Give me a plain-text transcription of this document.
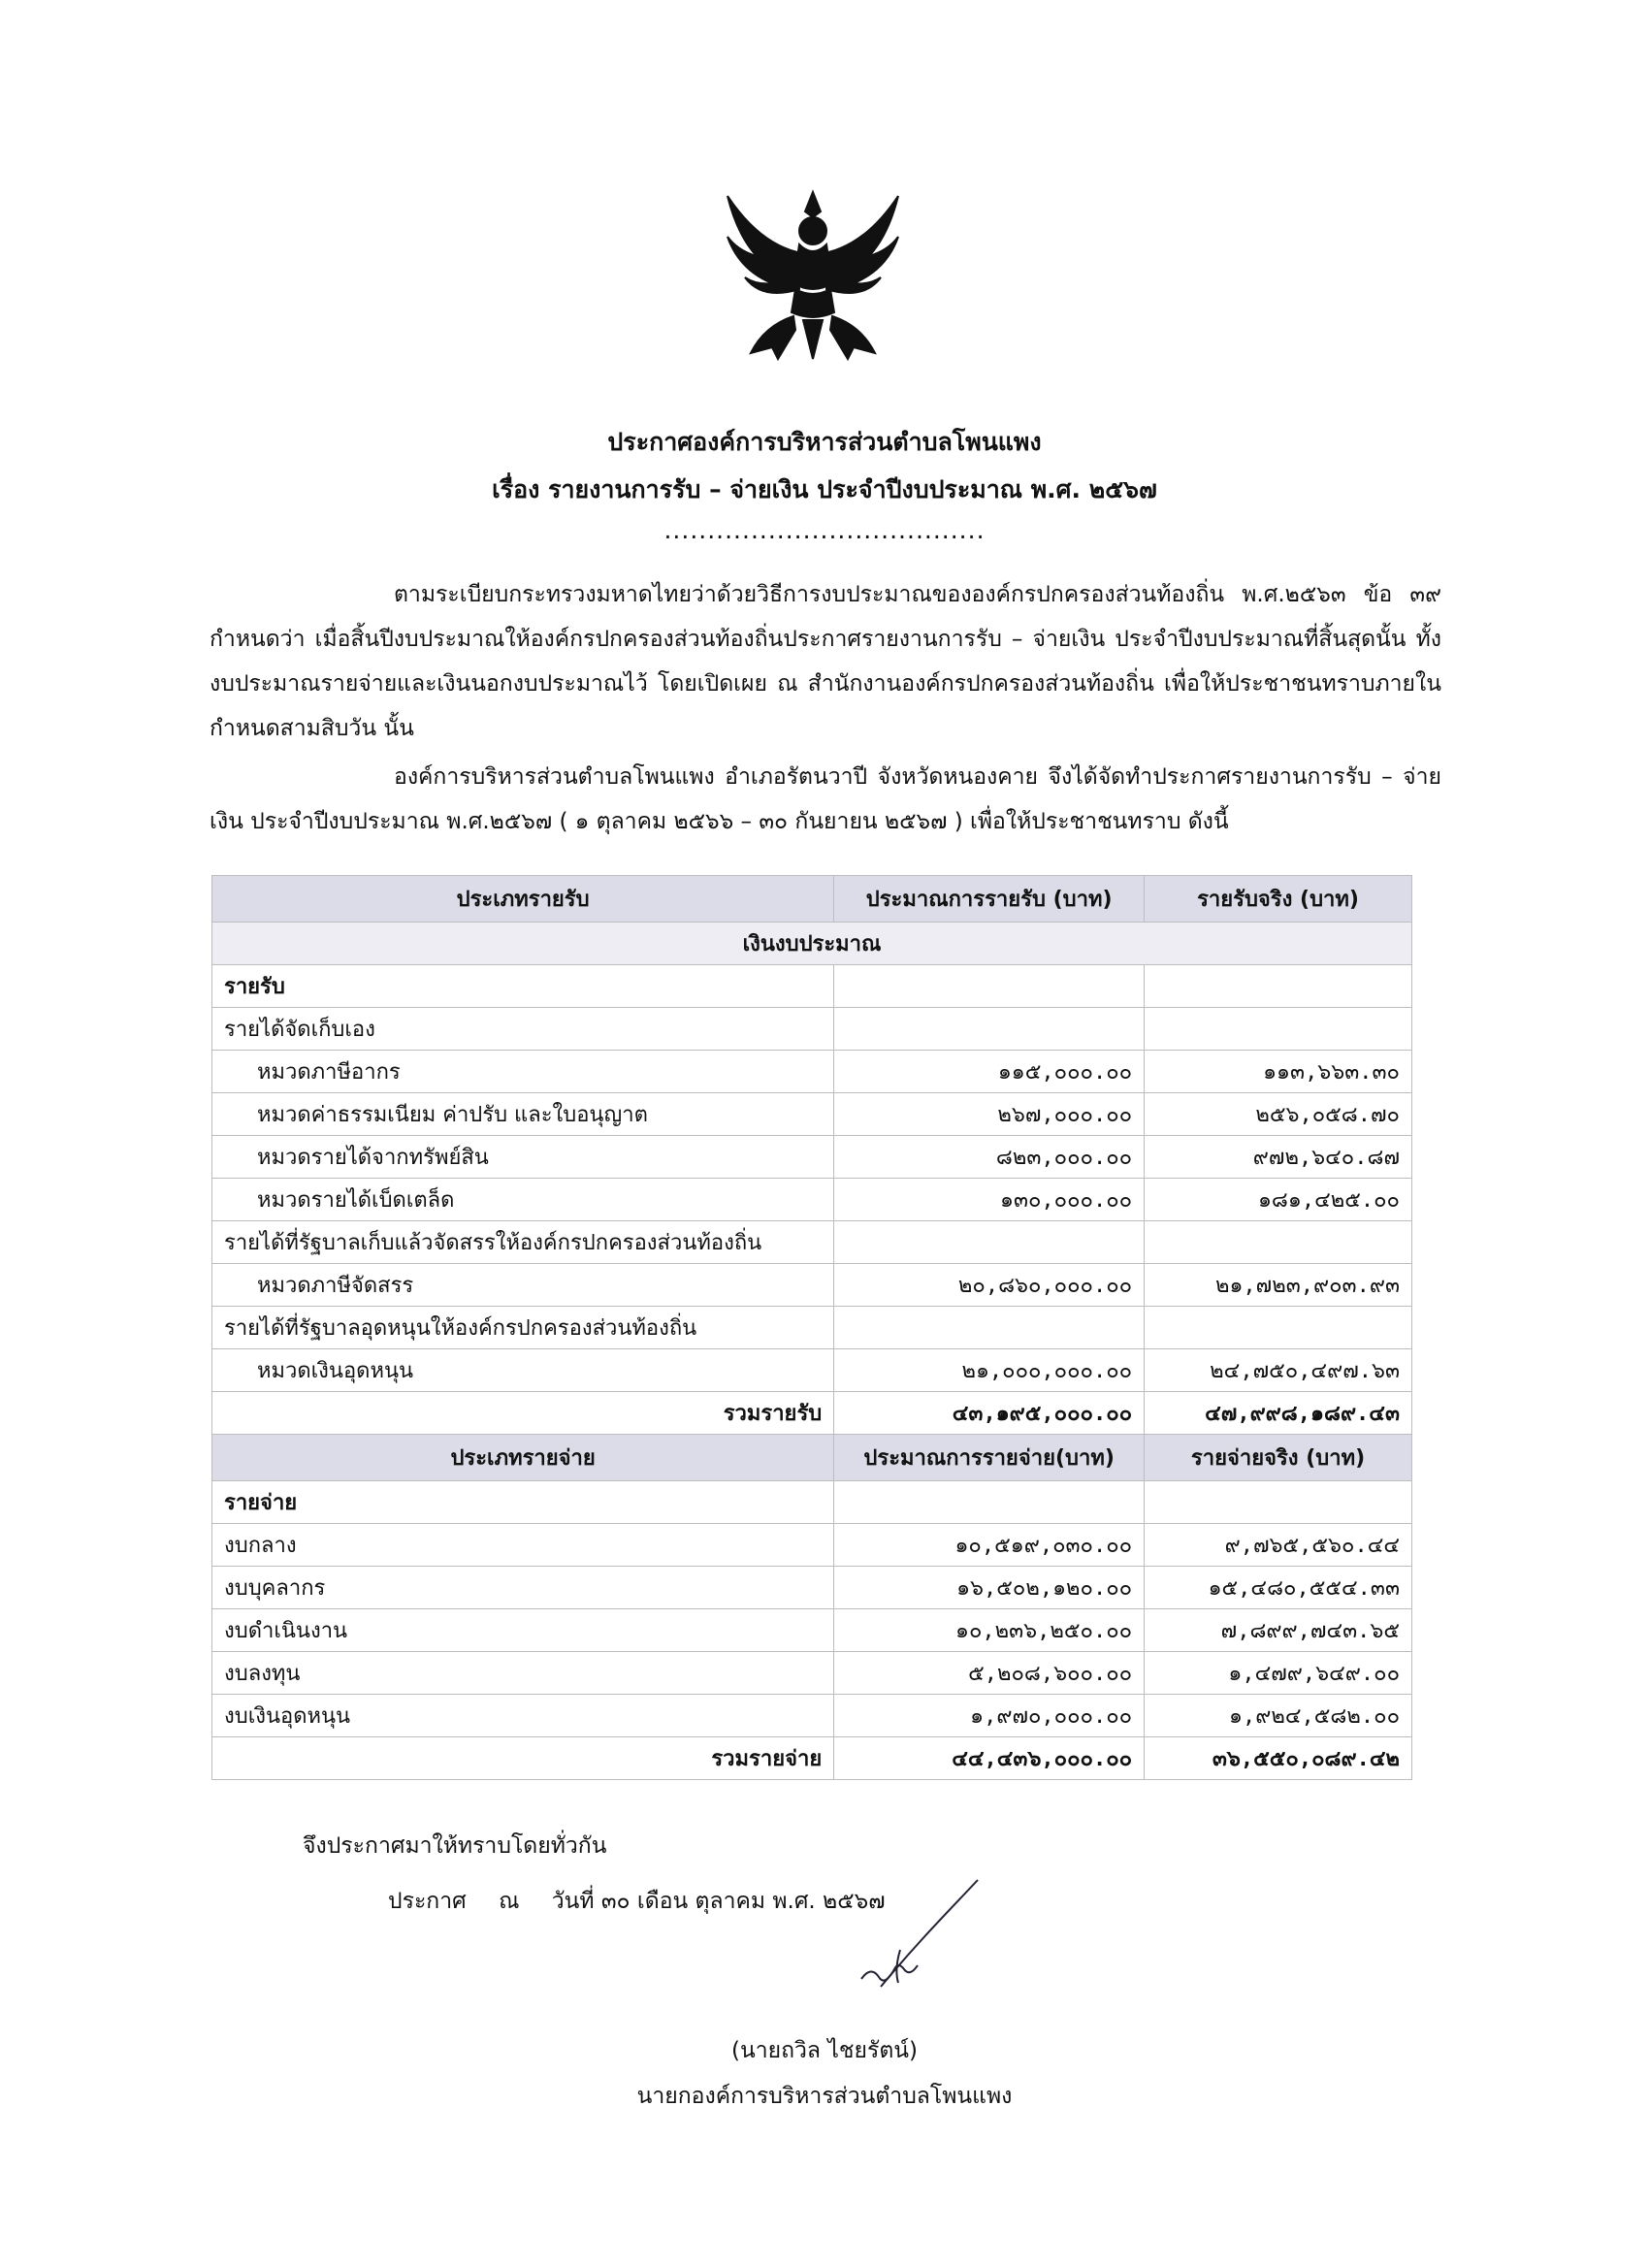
ประกาศองค์การบริหารส่วนตำบลโพนแพง
เรื่อง รายงานการรับ – จ่ายเงิน ประจำปีงบประมาณ พ.ศ. ๒๕๖๗
.....................................
ตามระเบียบกระทรวงมหาดไทยว่าด้วยวิธีการงบประมาณขององค์กรปกครองส่วนท้องถิ่น พ.ศ.๒๕๖๓ ข้อ ๓๙ กำหนดว่า เมื่อสิ้นปีงบประมาณให้องค์กรปกครองส่วนท้องถิ่นประกาศรายงานการรับ – จ่ายเงิน ประจำปีงบประมาณที่สิ้นสุดนั้น ทั้งงบประมาณรายจ่ายและเงินนอกงบประมาณไว้ โดยเปิดเผย ณ สำนักงานองค์กรปกครองส่วนท้องถิ่น เพื่อให้ประชาชนทราบภายในกำหนดสามสิบวัน นั้น
องค์การบริหารส่วนตำบลโพนแพง อำเภอรัตนวาปี จังหวัดหนองคาย จึงได้จัดทำประกาศรายงานการรับ – จ่ายเงิน ประจำปีงบประมาณ พ.ศ.๒๕๖๗ ( ๑ ตุลาคม ๒๕๖๖ – ๓๐ กันยายน ๒๕๖๗ ) เพื่อให้ประชาชนทราบ ดังนี้
ประเภทรายรับ	ประมาณการรายรับ (บาท)	รายรับจริง (บาท)
เงินงบประมาณ		
รายรับ		
รายได้จัดเก็บเอง		
หมวดภาษีอากร	๑๑๕,๐๐๐.๐๐	๑๑๓,๖๖๓.๓๐
หมวดค่าธรรมเนียม ค่าปรับ และใบอนุญาต	๒๖๗,๐๐๐.๐๐	๒๕๖,๐๕๘.๗๐
หมวดรายได้จากทรัพย์สิน	๘๒๓,๐๐๐.๐๐	๙๗๒,๖๔๐.๘๗
หมวดรายได้เบ็ดเตล็ด	๑๓๐,๐๐๐.๐๐	๑๘๑,๔๒๕.๐๐
รายได้ที่รัฐบาลเก็บแล้วจัดสรรให้องค์กรปกครองส่วนท้องถิ่น		
หมวดภาษีจัดสรร	๒๐,๘๖๐,๐๐๐.๐๐	๒๑,๗๒๓,๙๐๓.๙๓
รายได้ที่รัฐบาลอุดหนุนให้องค์กรปกครองส่วนท้องถิ่น		
หมวดเงินอุดหนุน	๒๑,๐๐๐,๐๐๐.๐๐	๒๔,๗๕๐,๔๙๗.๖๓
รวมรายรับ	๔๓,๑๙๕,๐๐๐.๐๐	๔๗,๙๙๘,๑๘๙.๔๓
ประเภทรายจ่าย	ประมาณการรายจ่าย(บาท)	รายจ่ายจริง (บาท)
รายจ่าย		
งบกลาง	๑๐,๕๑๙,๐๓๐.๐๐	๙,๗๖๕,๕๖๐.๔๔
งบบุคลากร	๑๖,๕๐๒,๑๒๐.๐๐	๑๕,๔๘๐,๕๕๔.๓๓
งบดำเนินงาน	๑๐,๒๓๖,๒๕๐.๐๐	๗,๘๙๙,๗๔๓.๖๕
งบลงทุน	๕,๒๐๘,๖๐๐.๐๐	๑,๔๗๙,๖๔๙.๐๐
งบเงินอุดหนุน	๑,๙๗๐,๐๐๐.๐๐	๑,๙๒๔,๕๘๒.๐๐
รวมรายจ่าย	๔๔,๔๓๖,๐๐๐.๐๐	๓๖,๕๕๐,๐๘๙.๔๒
จึงประกาศมาให้ทราบโดยทั่วกัน
ประกาศ ณ วันที่ ๓๐ เดือน ตุลาคม พ.ศ. ๒๕๖๗
(นายถวิล ไชยรัตน์)
นายกองค์การบริหารส่วนตำบลโพนแพง
